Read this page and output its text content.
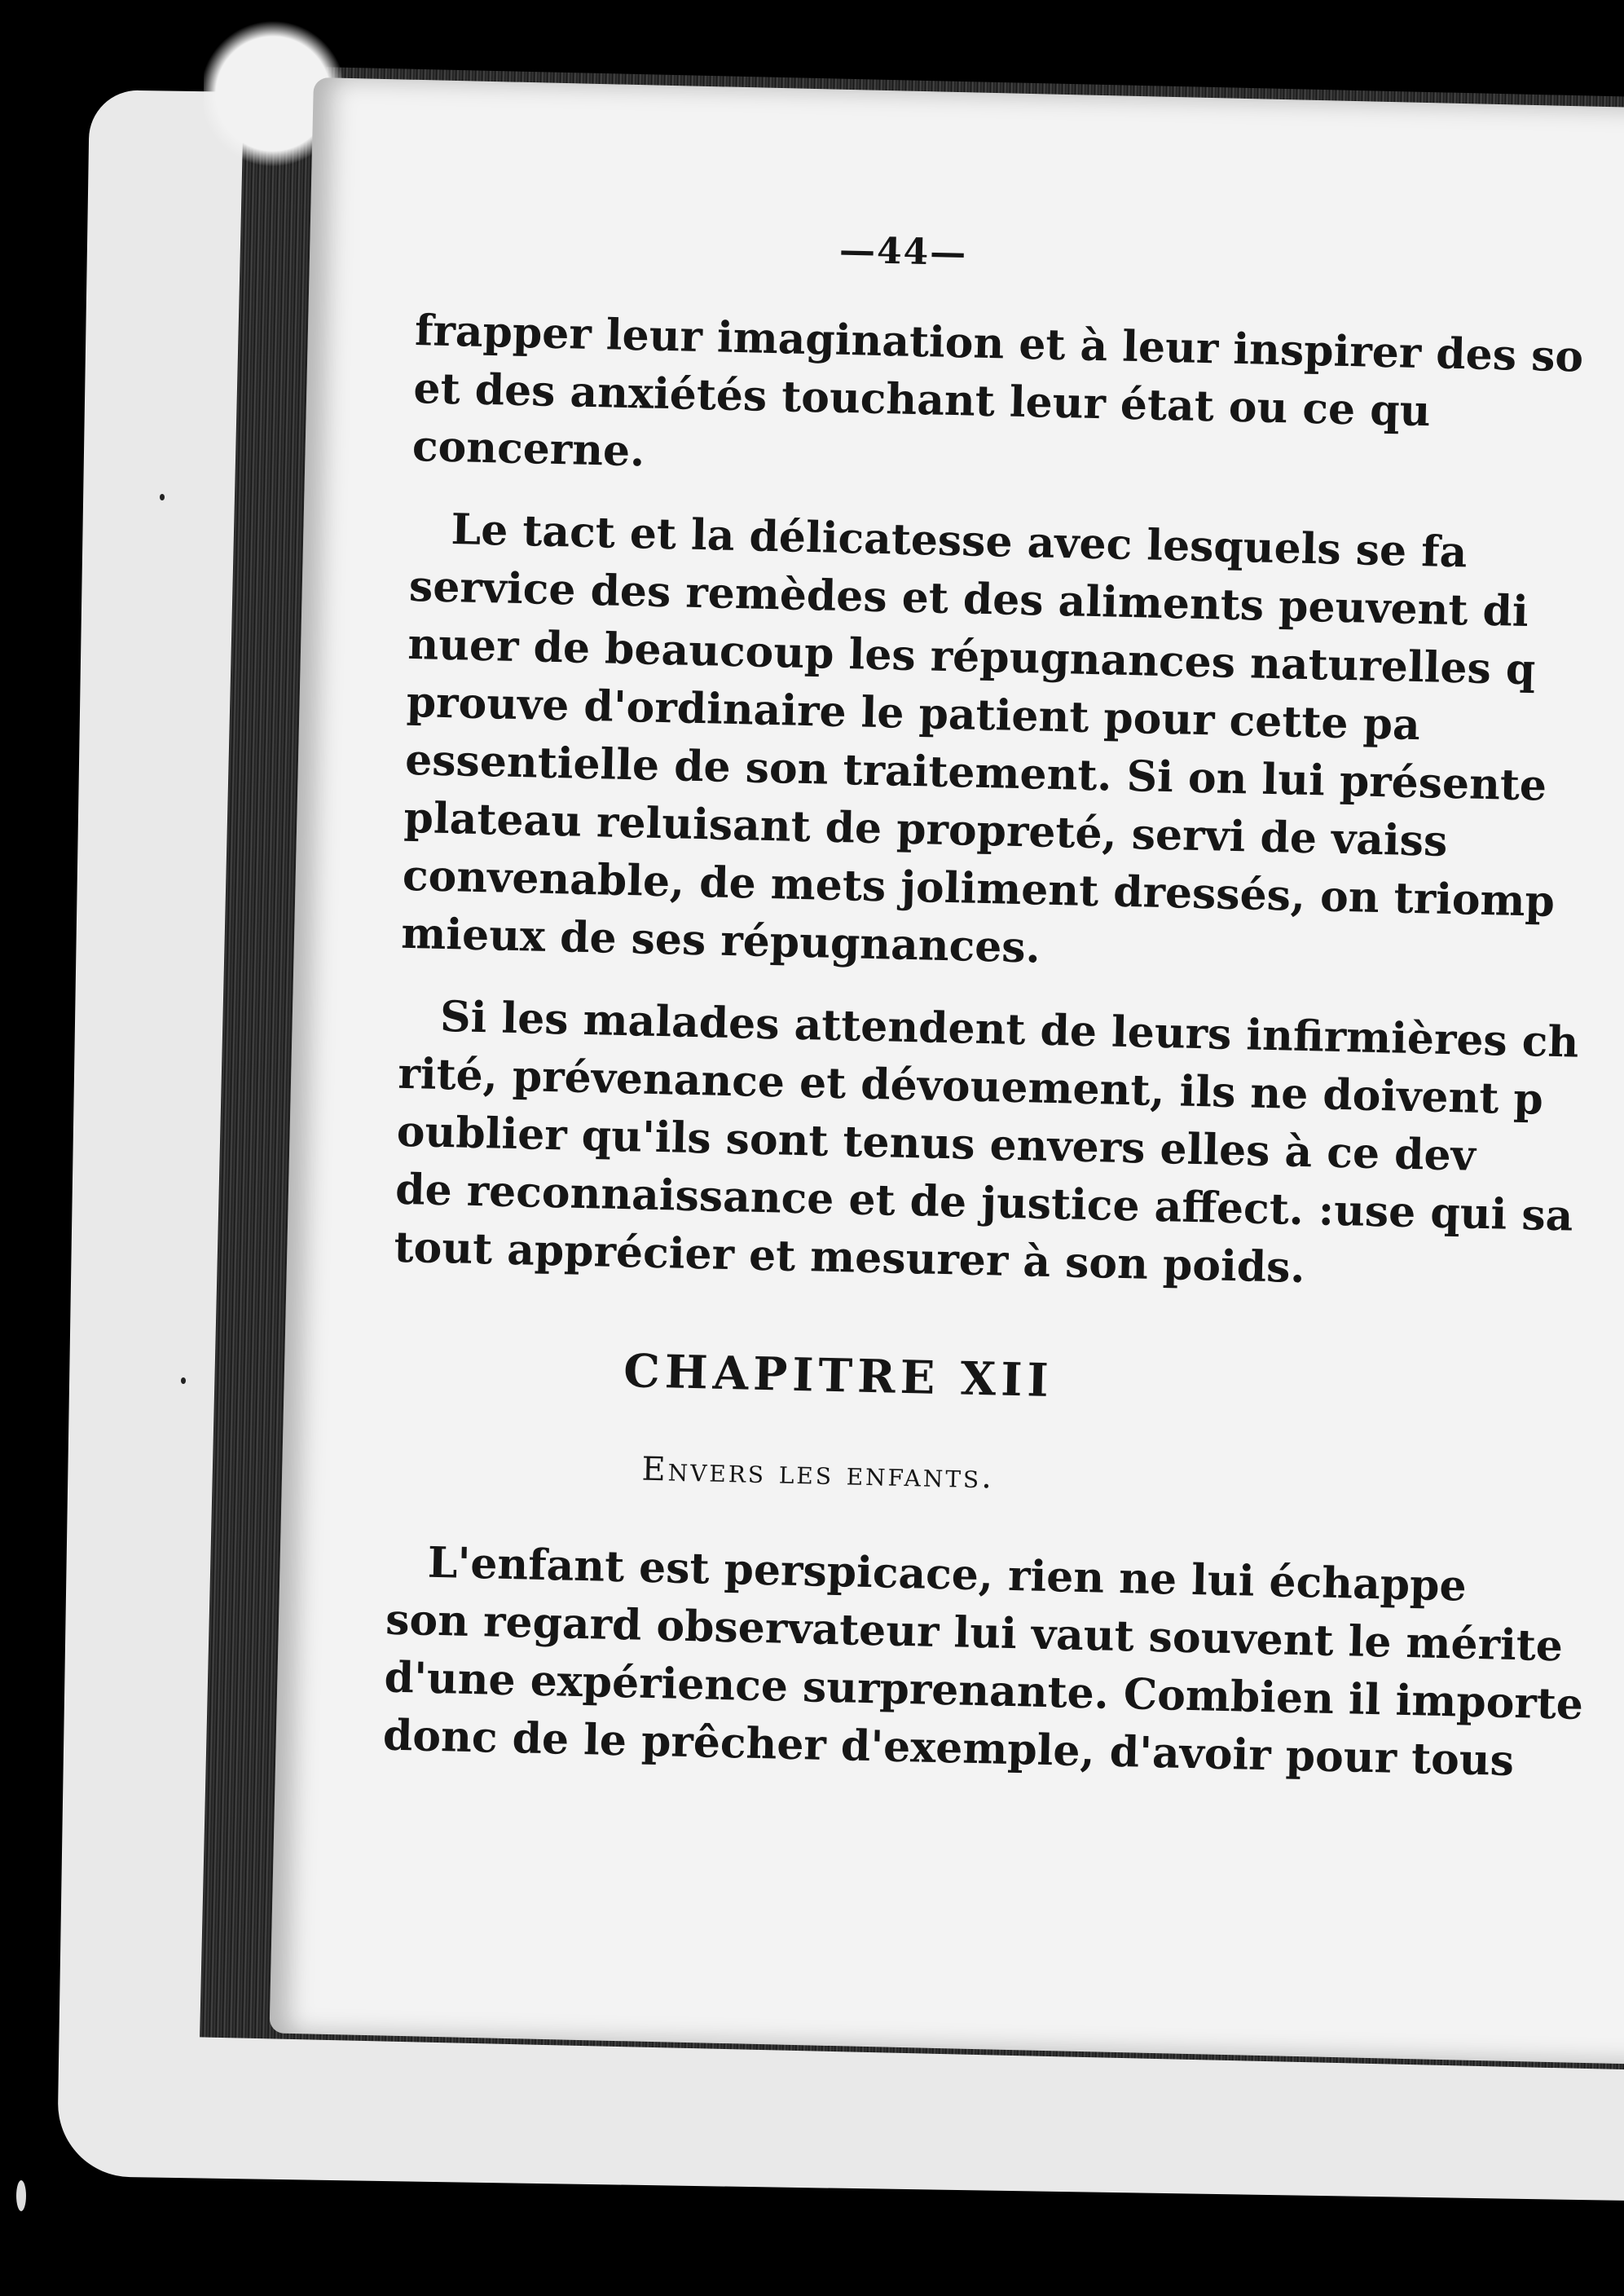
—44—
frapper leur imagination et à leur inspirer des so
et des anxiétés touchant leur état ou ce qu
concerne.
Le tact et la délicatesse avec lesquels se fa
service des remèdes et des aliments peuvent di
nuer de beaucoup les répugnances naturelles q
prouve d'ordinaire le patient pour cette pa
essentielle de son traitement. Si on lui présente
plateau reluisant de propreté, servi de vaiss
convenable, de mets joliment dressés, on triomp
mieux de ses répugnances.
Si les malades attendent de leurs infirmières ch
rité, prévenance et dévouement, ils ne doivent p
oublier qu'ils sont tenus envers elles à ce dev
de reconnaissance et de justice affect. :use qui sa
tout apprécier et mesurer à son poids.
CHAPITRE XII
Envers les enfants.
L'enfant est perspicace, rien ne lui échappe
son regard observateur lui vaut souvent le mérite
d'une expérience surprenante. Combien il importe
donc de le prêcher d'exemple, d'avoir pour tous
